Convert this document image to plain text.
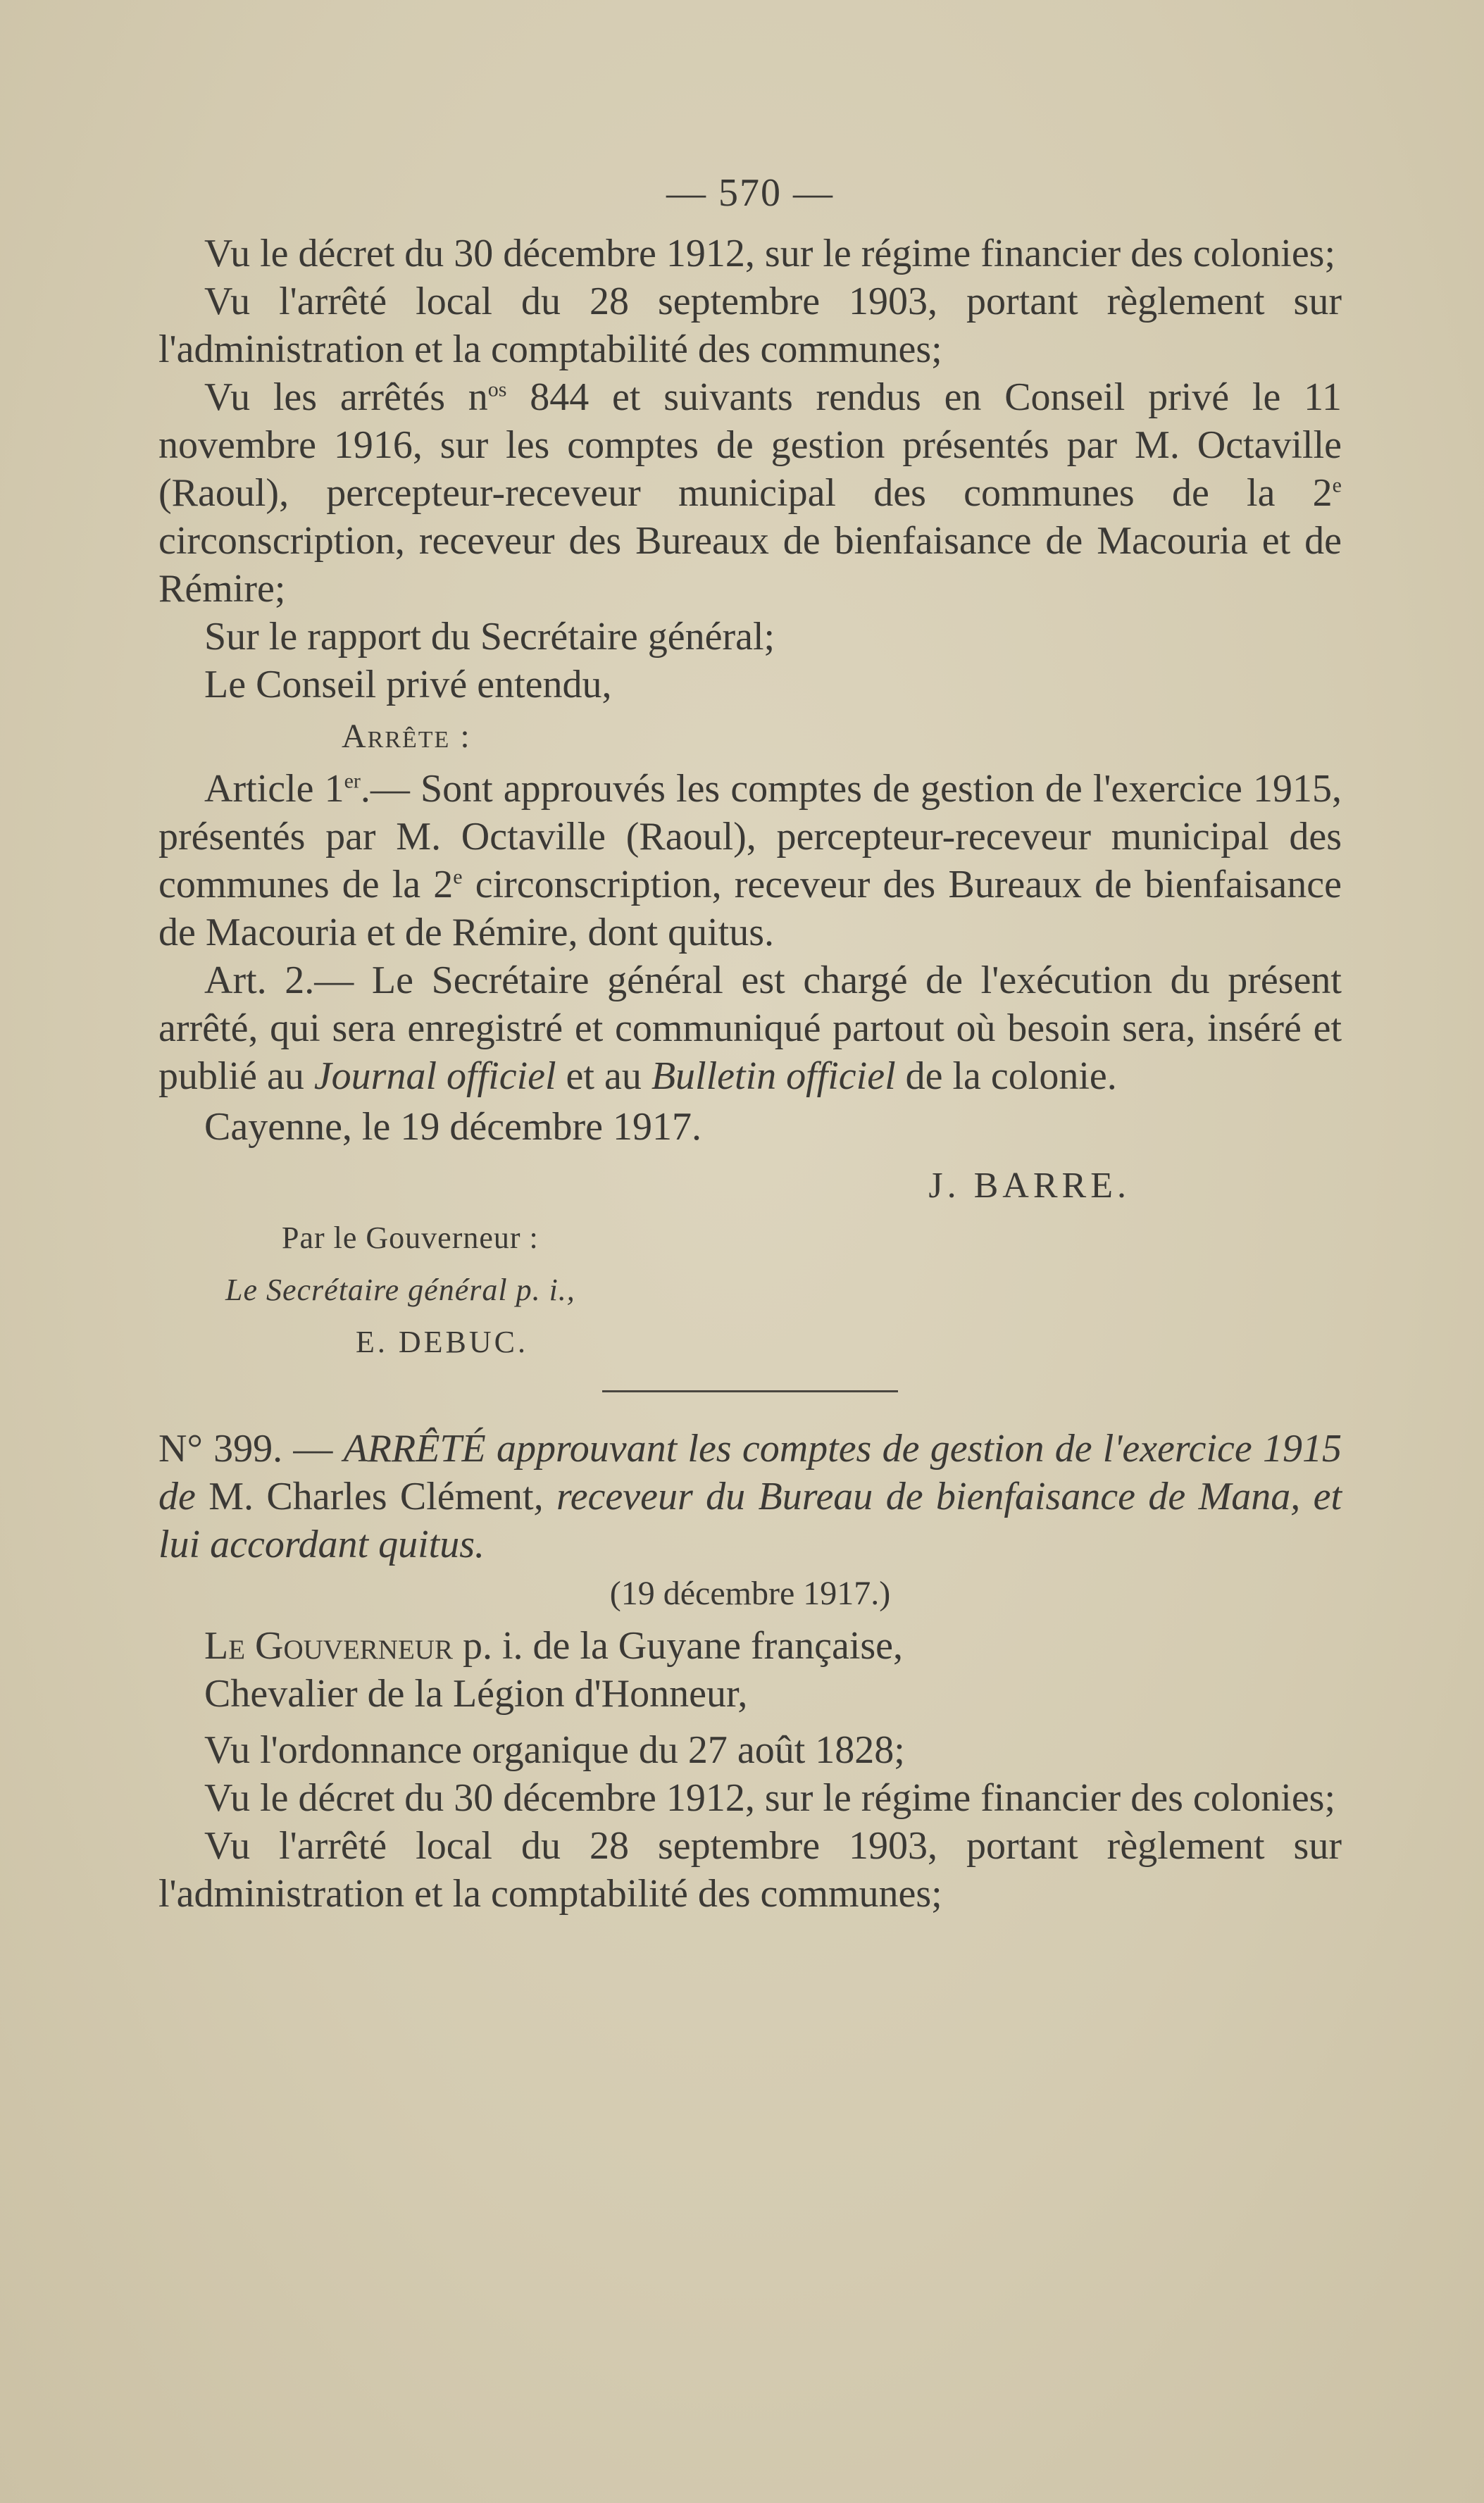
— 570 —

Vu le décret du 30 décembre 1912, sur le régime financier des colonies;

Vu l'arrêté local du 28 septembre 1903, portant règlement sur l'administration et la comptabilité des communes;

Vu les arrêtés $n^{os}$ 844 et suivants rendus en Conseil privé le 11 novembre 1916, sur les comptes de gestion présentés par M. Octaville (Raoul), percepteur-receveur municipal des communes de la 2e circonscription, receveur des Bureaux de bienfaisance de Macouria et de Rémire;

Sur le rapport du Secrétaire général;

Le Conseil privé entendu,

Arrête :

Article 1er.— Sont approuvés les comptes de gestion de l'exercice 1915, présentés par M. Octaville (Raoul), percepteur-receveur municipal des communes de la 2e circonscription, receveur des Bureaux de bienfaisance de Macouria et de Rémire, dont quitus.

Art. 2.— Le Secrétaire général est chargé de l'exécution du présent arrêté, qui sera enregistré et communiqué partout où besoin sera, inséré et publié au Journal officiel et au Bulletin officiel de la colonie.

Cayenne, le 19 décembre 1917.

J. BARRE.
Par le Gouverneur :
Le Secrétaire général p. i.,
E. DEBUC.

N° 399. — ARRÊTÉ approuvant les comptes de gestion de l'exercice 1915 de M. Charles Clément, receveur du Bureau de bienfaisance de Mana, et lui accordant quitus.

(19 décembre 1917.)

Le Gouverneur p. i. de la Guyane française,

Chevalier de la Légion d'Honneur,

Vu l'ordonnance organique du 27 août 1828;

Vu le décret du 30 décembre 1912, sur le régime financier des colonies;

Vu l'arrêté local du 28 septembre 1903, portant règlement sur l'administration et la comptabilité des communes;
